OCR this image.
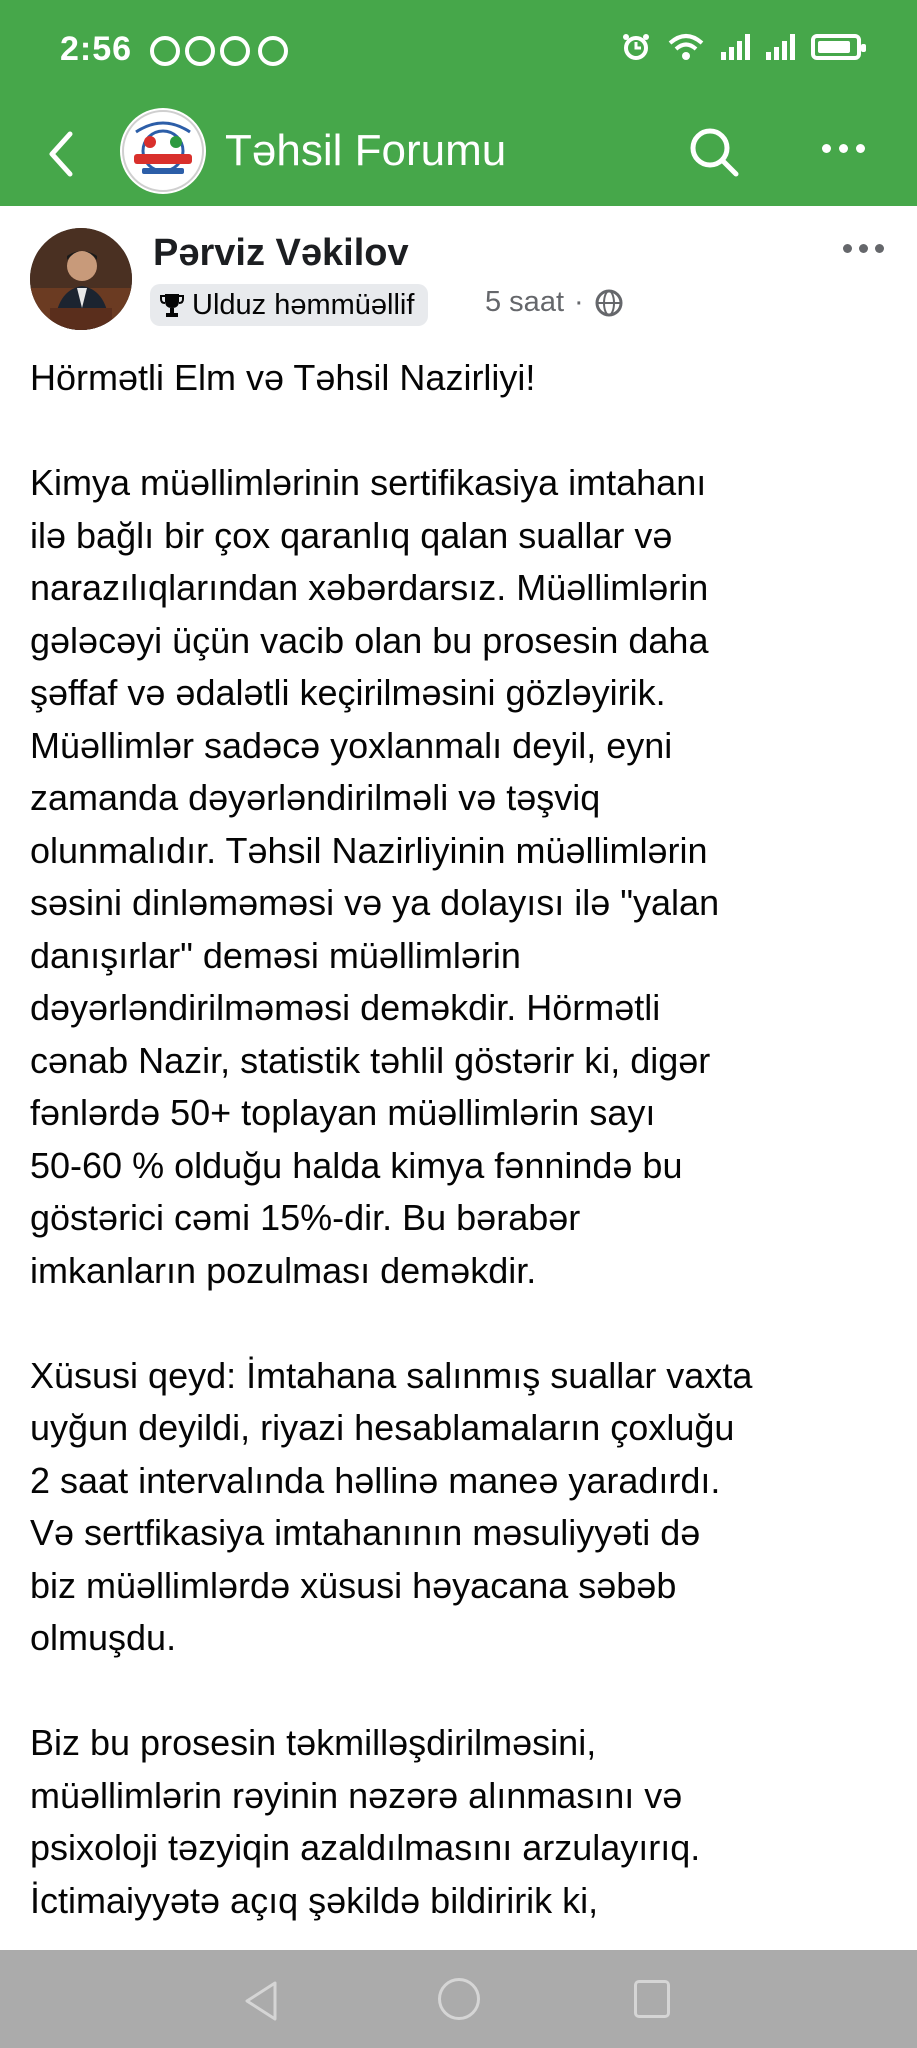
2:56
Təhsil Forumu
Pərviz Vəkilov
Ulduz həmmüəllif 5 saat ·

Hörmətli Elm və Təhsil Nazirliyi!

Kimya müəllimlərinin sertifikasiya imtahanı

ilə bağlı bir çox qaranlıq qalan suallar və

narazılıqlarından xəbərdarsız. Müəllimlərin

gələcəyi üçün vacib olan bu prosesin daha

şəffaf və ədalətli keçirilməsini gözləyirik.

Müəllimlər sadəcə yoxlanmalı deyil, eyni

zamanda dəyərləndirilməli və təşviq

olunmalıdır. Təhsil Nazirliyinin müəllimlərin

səsini dinləməməsi və ya dolayısı ilə "yalan

danışırlar" deməsi müəllimlərin

dəyərləndirilməməsi deməkdir. Hörmətli

cənab Nazir, statistik təhlil göstərir ki, digər

fənlərdə 50+ toplayan müəllimlərin sayı

50-60 % olduğu halda kimya fənnində bu

göstərici cəmi 15%-dir. Bu bərabər

imkanların pozulması deməkdir.

Xüsusi qeyd: İmtahana salınmış suallar vaxta

uyğun deyildi, riyazi hesablamaların çoxluğu

2 saat intervalında həllinə maneə yaradırdı.

Və sertfikasiya imtahanının məsuliyyəti də

biz müəllimlərdə xüsusi həyacana səbəb

olmuşdu.

Biz bu prosesin təkmilləşdirilməsini,

müəllimlərin rəyinin nəzərə alınmasını və

psixoloji təzyiqin azaldılmasını arzulayırıq.

İctimaiyyətə açıq şəkildə bildiririk ki,
